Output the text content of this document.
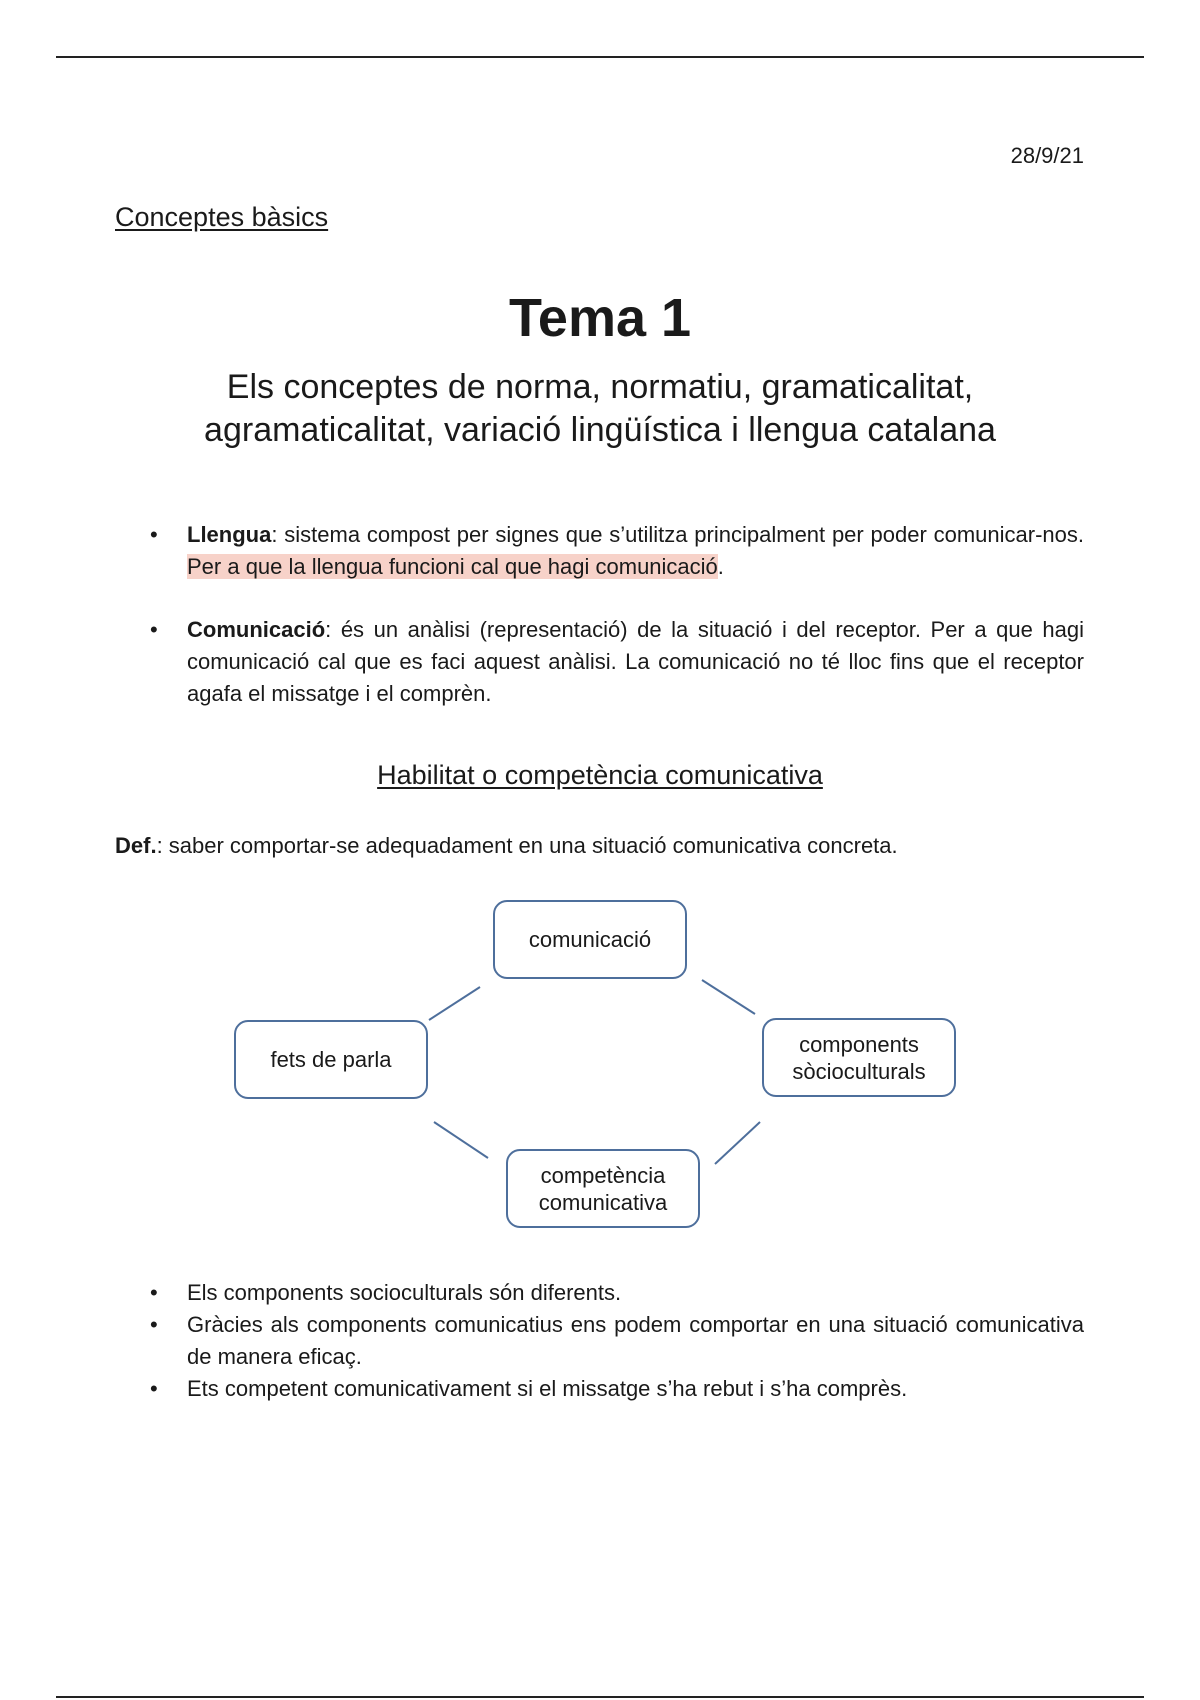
28/9/21
Conceptes bàsics
Tema 1
Els conceptes de norma, normatiu, gramaticalitat,
agramaticalitat, variació lingüística i llengua catalana
• Llengua: sistema compost per signes que s’utilitza principalment per poder comunicar-nos. Per a que la llengua funcioni cal que hagi comunicació.
• Comunicació: és un anàlisi (representació) de la situació i del receptor. Per a que hagi comunicació cal que es faci aquest anàlisi. La comunicació no té lloc fins que el receptor agafa el missatge i el comprèn.
Habilitat o competència comunicativa
Def.: saber comportar-se adequadament en una situació comunicativa concreta.
comunicació
fets de parla
components
sòcioculturals
competència
comunicativa
• Els components socioculturals són diferents.
• Gràcies als components comunicatius ens podem comportar en una situació comunicativa de manera eficaç.
• Ets competent comunicativament si el missatge s’ha rebut i s’ha comprès.
